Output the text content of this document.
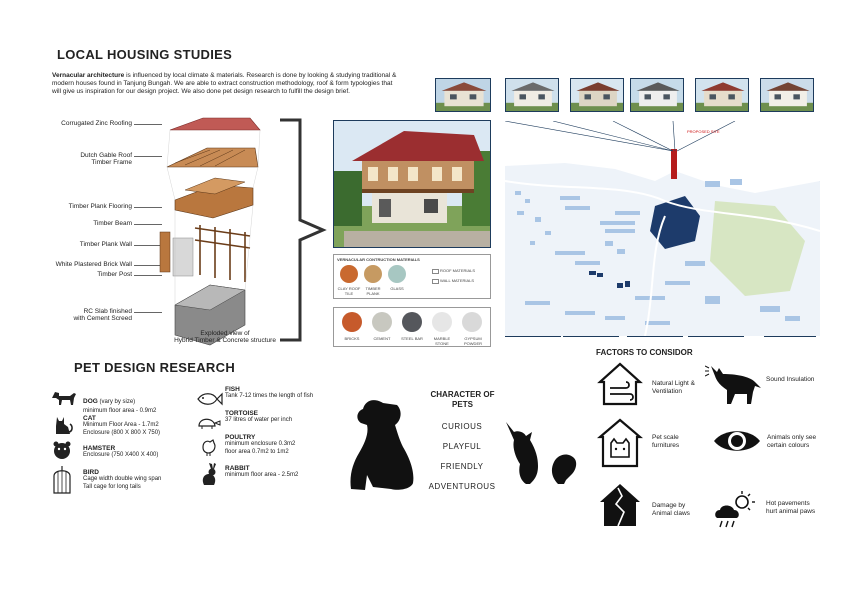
LOCAL HOUSING STUDIES
Vernacular architecture is influenced by local climate & materials. Research is done by looking & studying traditional & modern houses found in Tanjung Bungah. We are able to extract construction methodology, roof & form typologies that will give us inspiration for our design project. We also done pet design research to fulfill the design brief.
Corrugated Zinc Roofing
Dutch Gable Roof
Timber Frame
Timber Plank Flooring
Timber Beam
Timber Plank Wall
White Plastered Brick Wall
Timber Post
RC Slab finished
with Cement Screed
Exploded view of
Hybrid Timber & Concrete structure
VERNACULAR CONTRUCTION MATERIALS
CLAY ROOF TILE
TIMBER PLANK
GLASS
ROOF MATERIALS
WALL MATERIALS
BRICKS	CEMENT	STEEL BAR	MARBLE STONE
GYPSUM POWDER
PROPOSED SITE
PET DESIGN RESEARCH
DOG (vary by size)
minimum floor area - 0.9m2
CAT
Minimum Floor Area - 1.7m2
Enclosure (800 X 800 X 750)
HAMSTER
Enclosure (750 X400 X 400)
BIRD
Cage width double wing span
Tall cage for long tails
FISH
Tank 7-12 times the length of fish
TORTOISE
37 litres of water per inch
POULTRY
minimum enclosure 0.3m2
floor area 0.7m2 to 1m2
RABBIT
minimum floor area - 2.5m2
CHARACTER OF
PETS
CURIOUS
PLAYFUL
FRIENDLY
ADVENTUROUS
FACTORS TO CONSIDOR
Natural Light &
Ventilation
Sound Insulation
Pet scale
furnitures
Animals only see
certain colours
Damage by
Animal claws
Hot pavements
hurt animal paws
